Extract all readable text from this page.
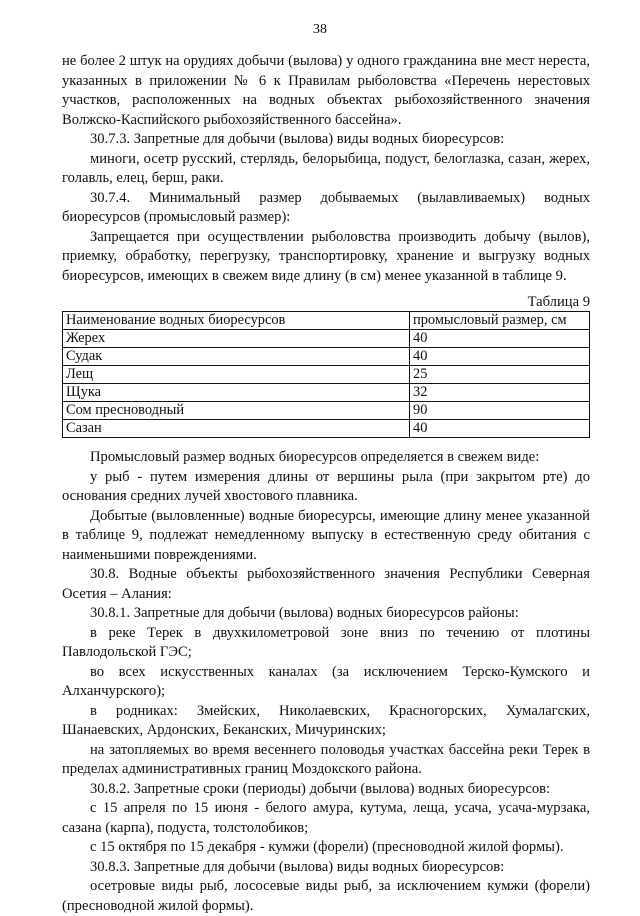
38

не более 2 штук на орудиях добычи (вылова) у одного гражданина вне мест нереста, указанных в приложении № 6 к Правилам рыболовства «Перечень нерестовых участков, расположенных на водных объектах рыбохозяйственного значения Волжско-Каспийского рыбохозяйственного бассейна».

30.7.3. Запретные для добычи (вылова) виды водных биоресурсов:

миноги, осетр русский, стерлядь, белорыбица, подуст, белоглазка, сазан, жерех, голавль, елец, берш, раки.

30.7.4. Минимальный размер добываемых (вылавливаемых) водных биоресурсов (промысловый размер):

Запрещается при осуществлении рыболовства производить добычу (вылов), приемку, обработку, перегрузку, транспортировку, хранение и выгрузку водных биоресурсов, имеющих в свежем виде длину (в см) менее указанной в таблице 9.

Таблица 9

Наименование водных биоресурсов	промысловый размер, см
Жерех	40
Судак	40
Лещ	25
Щука	32
Сом пресноводный	90
Сазан	40

Промысловый размер водных биоресурсов определяется в свежем виде:

у рыб - путем измерения длины от вершины рыла (при закрытом рте) до основания средних лучей хвостового плавника.

Добытые (выловленные) водные биоресурсы, имеющие длину менее указанной в таблице 9, подлежат немедленному выпуску в естественную среду обитания с наименьшими повреждениями.

30.8. Водные объекты рыбохозяйственного значения Республики Северная Осетия – Алания:

30.8.1. Запретные для добычи (вылова) водных биоресурсов районы:

в реке Терек в двухкилометровой зоне вниз по течению от плотины Павлодольской ГЭС;

во всех искусственных каналах (за исключением Терско-Кумского и Алханчурского);

в родниках: Змейских, Николаевских, Красногорских, Хумалагских, Шанаевских, Ардонских, Беканских, Мичуринских;

на затопляемых во время весеннего половодья участках бассейна реки Терек в пределах административных границ Моздокского района.

30.8.2. Запретные сроки (периоды) добычи (вылова) водных биоресурсов:

с 15 апреля по 15 июня - белого амура, кутума, леща, усача, усача-мурзака, сазана (карпа), подуста, толстолобиков;

с 15 октября по 15 декабря - кумжи (форели) (пресноводной жилой формы).

30.8.3. Запретные для добычи (вылова) виды водных биоресурсов:

осетровые виды рыб, лососевые виды рыб, за исключением кумжи (форели) (пресноводной жилой формы).
